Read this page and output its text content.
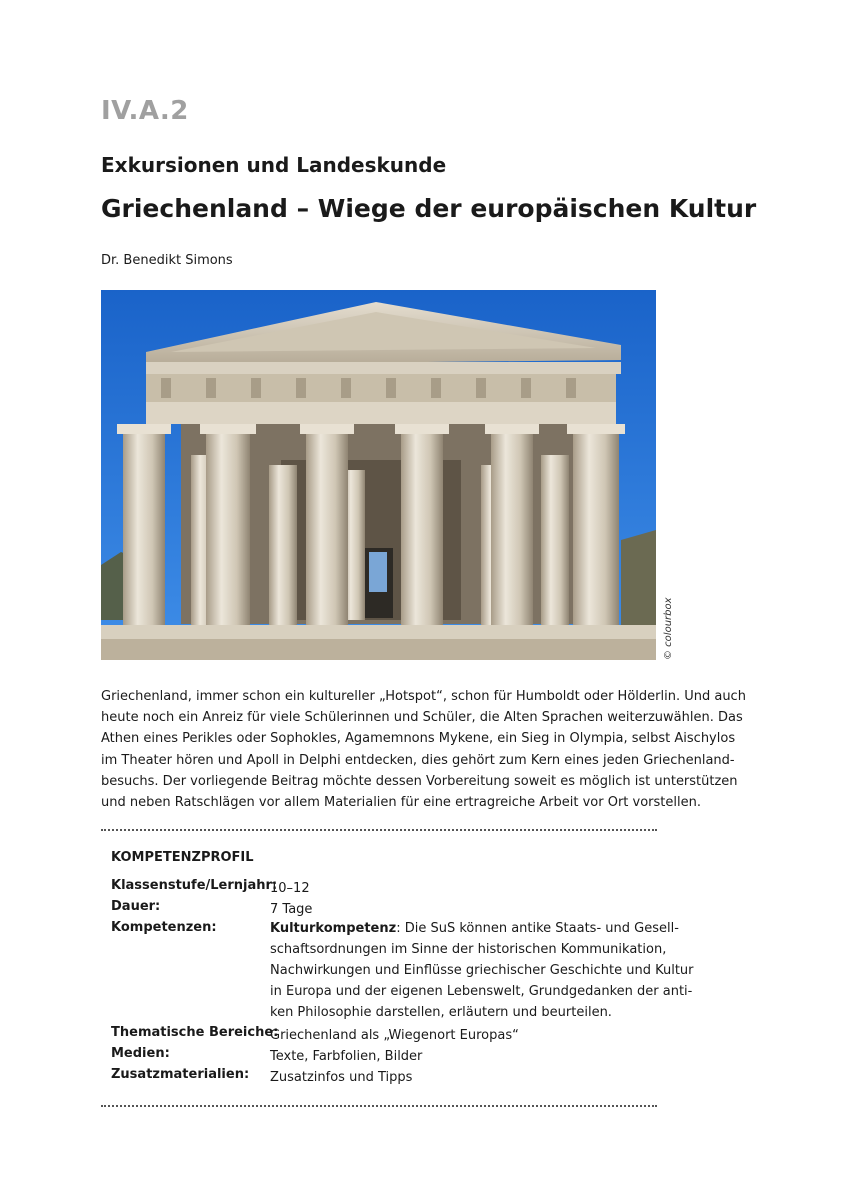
IV.A.2
Exkursionen und Landeskunde
Griechenland – Wiege der europäischen Kultur
Dr. Benedikt Simons
© colourbox
Griechenland, immer schon ein kultureller „Hotspot“, schon für Humboldt oder Hölderlin. Und auch
heute noch ein Anreiz für viele Schülerinnen und Schüler, die Alten Sprachen weiterzuwählen. Das
Athen eines Perikles oder Sophokles, Agamemnons Mykene, ein Sieg in Olympia, selbst Aischylos
im Theater hören und Apoll in Delphi entdecken, dies gehört zum Kern eines jeden Griechenland-
besuchs. Der vorliegende Beitrag möchte dessen Vorbereitung soweit es möglich ist unterstützen
und neben Ratschlägen vor allem Materialien für eine ertragreiche Arbeit vor Ort vorstellen.
KOMPETENZPROFIL
Klassenstufe/Lernjahr:
10–12
Dauer:	7 Tage
Kompetenzen:	Kulturkompetenz: Die SuS können antike Staats- und Gesell-
schaftsordnungen im Sinne der historischen Kommunikation,
Nachwirkungen und Einflüsse griechischer Geschichte und Kultur
in Europa und der eigenen Lebenswelt, Grundgedanken der anti-
ken Philosophie darstellen, erläutern und beurteilen.
Thematische Bereiche:
Griechenland als „Wiegenort Europas“
Medien:	Texte, Farbfolien, Bilder
Zusatzmaterialien: Zusatzinfos und Tipps
